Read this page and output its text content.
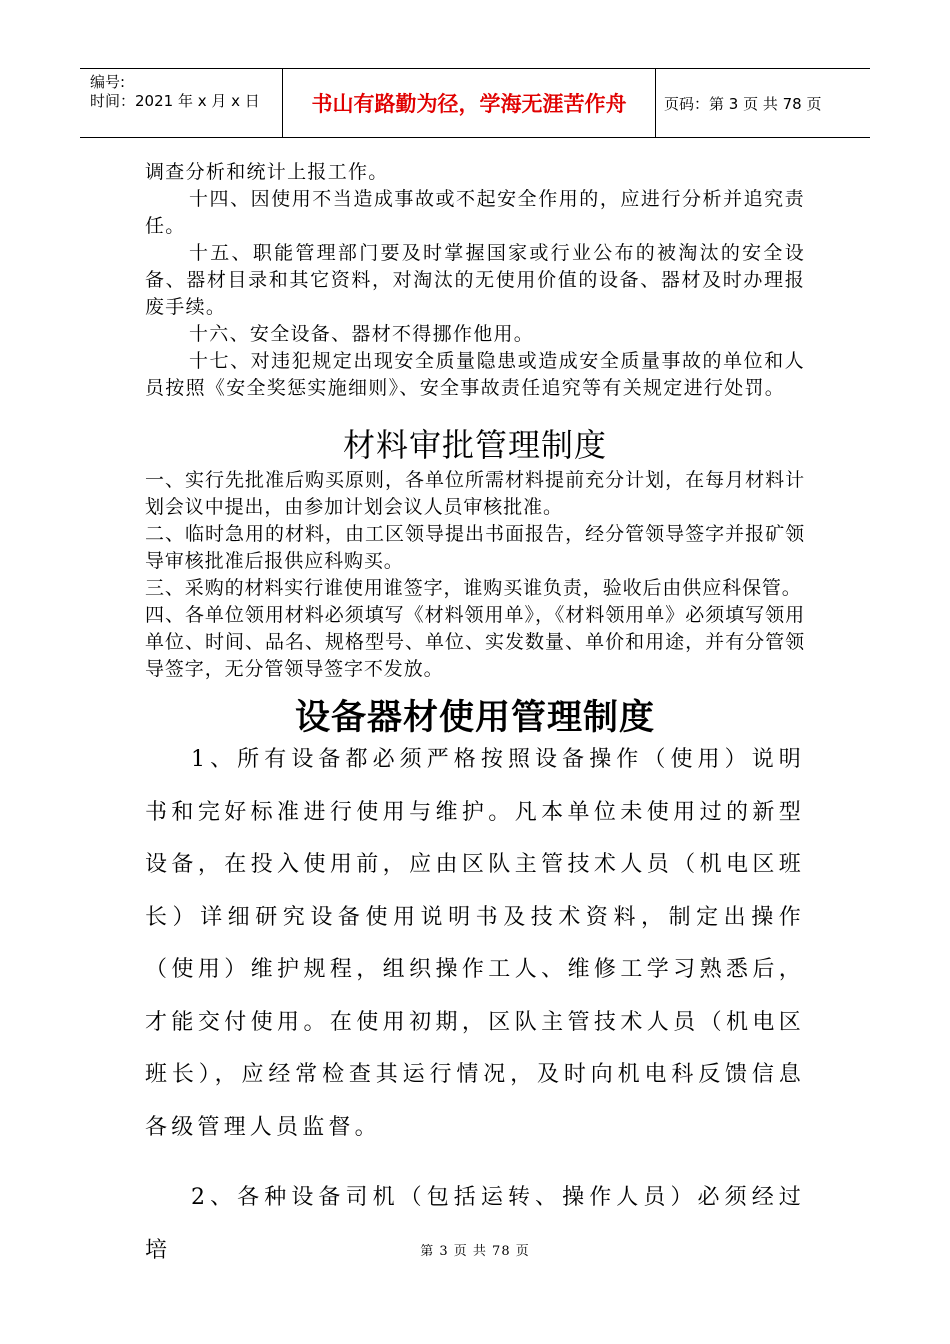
编号:
时间：2021 年 x 月 x 日	书山有路勤为径，学海无涯苦作舟	页码：第 3 页 共 78 页

调查分析和统计上报工作。

十四、因使用不当造成事故或不起安全作用的，应进行分析并追究责任。

十五、职能管理部门要及时掌握国家或行业公布的被淘汰的安全设备、器材目录和其它资料，对淘汰的无使用价值的设备、器材及时办理报废手续。

十六、安全设备、器材不得挪作他用。

十七、对违犯规定出现安全质量隐患或造成安全质量事故的单位和人员按照《安全奖惩实施细则》、安全事故责任追究等有关规定进行处罚。

材料审批管理制度

一、实行先批准后购买原则，各单位所需材料提前充分计划，在每月材料计划会议中提出，由参加计划会议人员审核批准。

二、临时急用的材料，由工区领导提出书面报告，经分管领导签字并报矿领导审核批准后报供应科购买。

三、采购的材料实行谁使用谁签字，谁购买谁负责，验收后由供应科保管。

四、各单位领用材料必须填写《材料领用单》，《材料领用单》必须填写领用单位、时间、品名、规格型号、单位、实发数量、单价和用途，并有分管领导签字，无分管领导签字不发放。

设备器材使用管理制度

1、所有设备都必须严格按照设备操作（使用）说明书和完好标准进行使用与维护。凡本单位未使用过的新型设备，在投入使用前，应由区队主管技术人员（机电区班长）详细研究设备使用说明书及技术资料，制定出操作（使用）维护规程，组织操作工人、维修工学习熟悉后，才能交付使用。在使用初期，区队主管技术人员（机电区班长），应经常检查其运行情况，及时向机电科反馈信息各级管理人员监督。

2、各种设备司机（包括运转、操作人员）必须经过培	第 3 页 共 78 页
